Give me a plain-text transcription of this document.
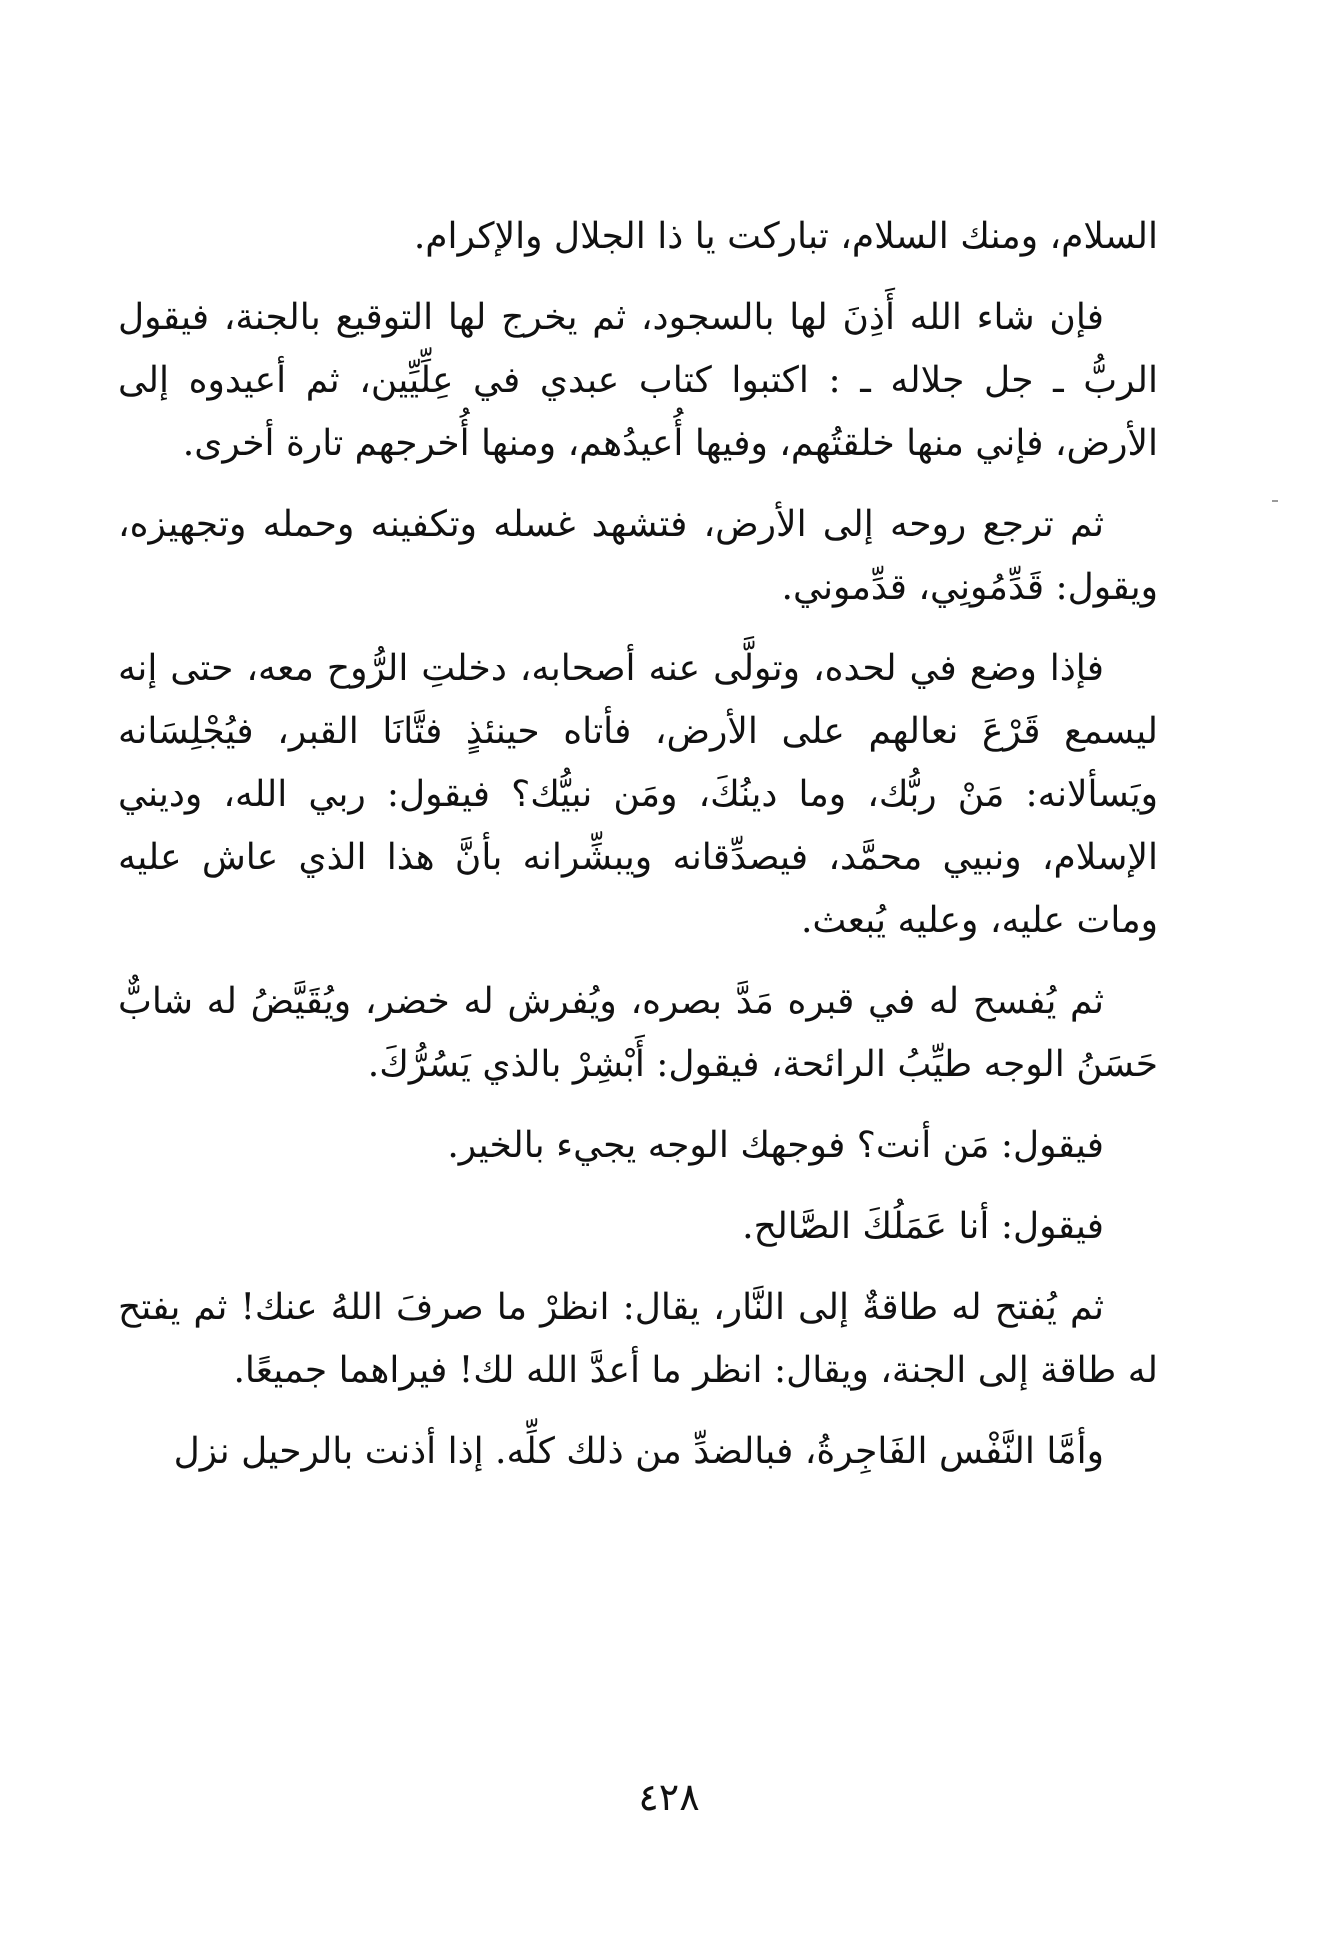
السلام، ومنك السلام، تباركت يا ذا الجلال والإكرام.

فإن شاء الله أَذِنَ لها بالسجود، ثم يخرج لها التوقيع بالجنة، فيقول الربُّ ـ جل جلاله ـ : اكتبوا كتاب عبدي في عِلِّيِّين، ثم أعيدوه إلى الأرض، فإني منها خلقتُهم، وفيها أُعيدُهم، ومنها أُخرجهم تارة أخرى.

ثم ترجع روحه إلى الأرض، فتشهد غسله وتكفينه وحمله وتجهيزه، ويقول: قَدِّمُونِي، قدِّموني.

فإذا وضع في لحده، وتولَّى عنه أصحابه، دخلتِ الرُّوح معه، حتى إنه ليسمع قَرْعَ نعالهم على الأرض، فأتاه حينئذٍ فتَّانَا القبر، فيُجْلِسَانه ويَسألانه: مَنْ ربُّك، وما دينُكَ، ومَن نبيُّك؟ فيقول: ربي الله، وديني الإسلام، ونبيي محمَّد، فيصدِّقانه ويبشِّرانه بأنَّ هذا الذي عاش عليه ومات عليه، وعليه يُبعث.

ثم يُفسح له في قبره مَدَّ بصره، ويُفرش له خضر، ويُقَيَّضُ له شابٌّ حَسَنُ الوجه طيِّبُ الرائحة، فيقول: أَبْشِرْ بالذي يَسُرُّكَ.

فيقول: مَن أنت؟ فوجهك الوجه يجيء بالخير.

فيقول: أنا عَمَلُكَ الصَّالح.

ثم يُفتح له طاقةٌ إلى النَّار، يقال: انظرْ ما صرفَ اللهُ عنك! ثم يفتح له طاقة إلى الجنة، ويقال: انظر ما أعدَّ الله لك! فيراهما جميعًا.

وأمَّا النَّفْس الفَاجِرةُ، فبالضدِّ من ذلك كلِّه. إذا أذنت بالرحيل نزل

٤٢٨
